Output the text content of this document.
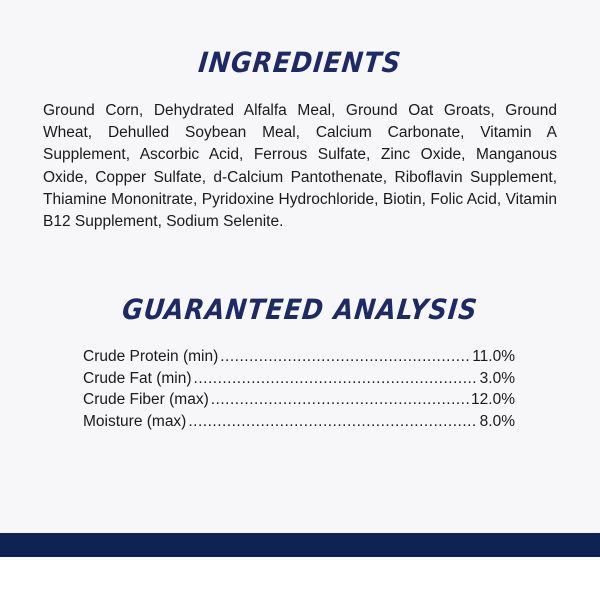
INGREDIENTS

Ground Corn, Dehydrated Alfalfa Meal, Ground Oat Groats, Ground Wheat, Dehulled Soybean Meal, Calcium Carbonate, Vitamin A Supplement, Ascorbic Acid, Ferrous Sulfate, Zinc Oxide, Manganous Oxide, Copper Sulfate, d-Calcium Pantothenate, Riboflavin Supplement, Thiamine Mononitrate, Pyridoxine Hydrochloride, Biotin, Folic Acid, Vitamin B12 Supplement, Sodium Selenite.

GUARANTEED ANALYSIS
Crude Protein (min) .....	11.0%
Crude Fat (min) .....	3.0%
Crude Fiber (max) .....	12.0%
Moisture (max) .....	8.0%
